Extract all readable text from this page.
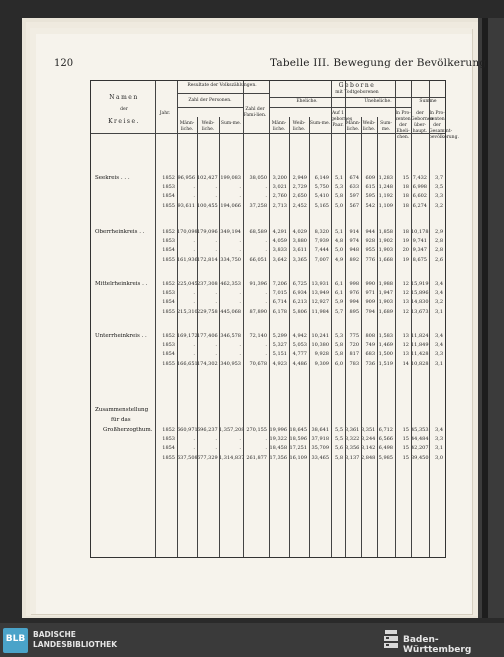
120	Tabelle III. Bewegung der Bevölkerung
Namen
der
Kreise.
Jahr.
Resultate der Volkszählungen.
Zahl der Personen.
Männ-liche.
Weib-liche.
Sum-me.
Zahl der Fami-lien.
Geborne
mit Todtgeborenen
Eheliche.
Männ-liche.
Weib-liche.
Sum-me.
Auf 1 gebornes Paar.
Uneheliche.
Männ-liche.
Weib-liche.
Sum-me.
In Pro-zenten der Eheli-chen.
Summe
der Gebornen über-haupt.
In Pro-zenten der Gesammt-bevölkerung.
Seekreis . . .	1852 96,956 102,427 199,083	38,050	3,200	2,949	6,149	5,1	674	609 1,283	15 7,432	3,7
1853	.	.	.	.	3,021	2,729	5,750	5,3	633	615 1,248	18 6,998	3,5
1854	.	.	.	.	2,760	2,650	5,410	5,8	597	595 1,192	18 6,602	3,3
1855 93,611 100,455 194,066	37,258	2,713	2,452	5,165	5,0	567	542 1,109	18 6,274	3,2
Oberrheinkreis . .	1852 170,098 179,096 349,194	68,589	4,291	4,029	8,320	5,1	914	944 1,858	18 10,178	2,9
1853	.	.	.	.	4,059	3,880	7,939	4,8	974	928 1,902	19 9,741	2,8
1854	.	.	.	.	3,833	3,611	7,444	5,0	948	955 1,903	20 9,347	2,8
1855 161,936 172,814 334,750	66,051	3,642	3,365	7,007	4,9	892	776 1,668	19 8,675	2,6
Mittelrheinkreis . .	1852 225,045 237,308 462,353	91,396	7,206	6,725 13,931	6,1	998	990 1,988	12 15,919	3,4
1853	.	.	.	.	7,015	6,934 13,949	6,1	976	971 1,947	12 15,896	3,4
1854	.	.	.	.	6,714	6,213 12,927	5,9	994	909 1,903	13 14,830	3,2
1855 215,310 229,758 445,068	87,890	6,178	5,806 11,984	5,7	895	794 1,689	12 13,673	3,1
Unterrheinkreis . .	1852 169,172 177,406 346,578	72,140	5,299	4,942 10,241	5,3	775	808 1,583	13 11,824	3,4
1853	.	.	.	.	5,327	5,053 10,380	5,8	720	749 1,469	12 11,849	3,4
1854	.	.	.	.	5,151	4,777	9,928	5,8	817	683 1,500	13 11,428	3,3
1855 166,651 174,302 340,953	70,678	4,923	4,486	9,309	6,0	783	736 1,519	14 10,828	3,1
Zusammenstellung
für das
Großherzogthum.	1852 660,971 696,237 1,357,208 270,155 19,996 18,645 38,641	5,5 3,361 3,351 6,712	15 45,353	3,4
1853	.	.	.	. 19,322 18,596 37,918	5,5 3,322 3,244 6,566	15 44,484	3,3
1854	.	.	.	. 18,458 17,251 35,709	5,6 3,356 3,142 6,498	15 42,207	3,1
1855 637,508 677,329 1,314,837 261,877 17,356 16,109 33,465	5,8 3,137 2,848 5,985	15 39,450	3,0
BLB	BADISCHE
LANDESBIBLIOTHEK	Baden-Württemberg
